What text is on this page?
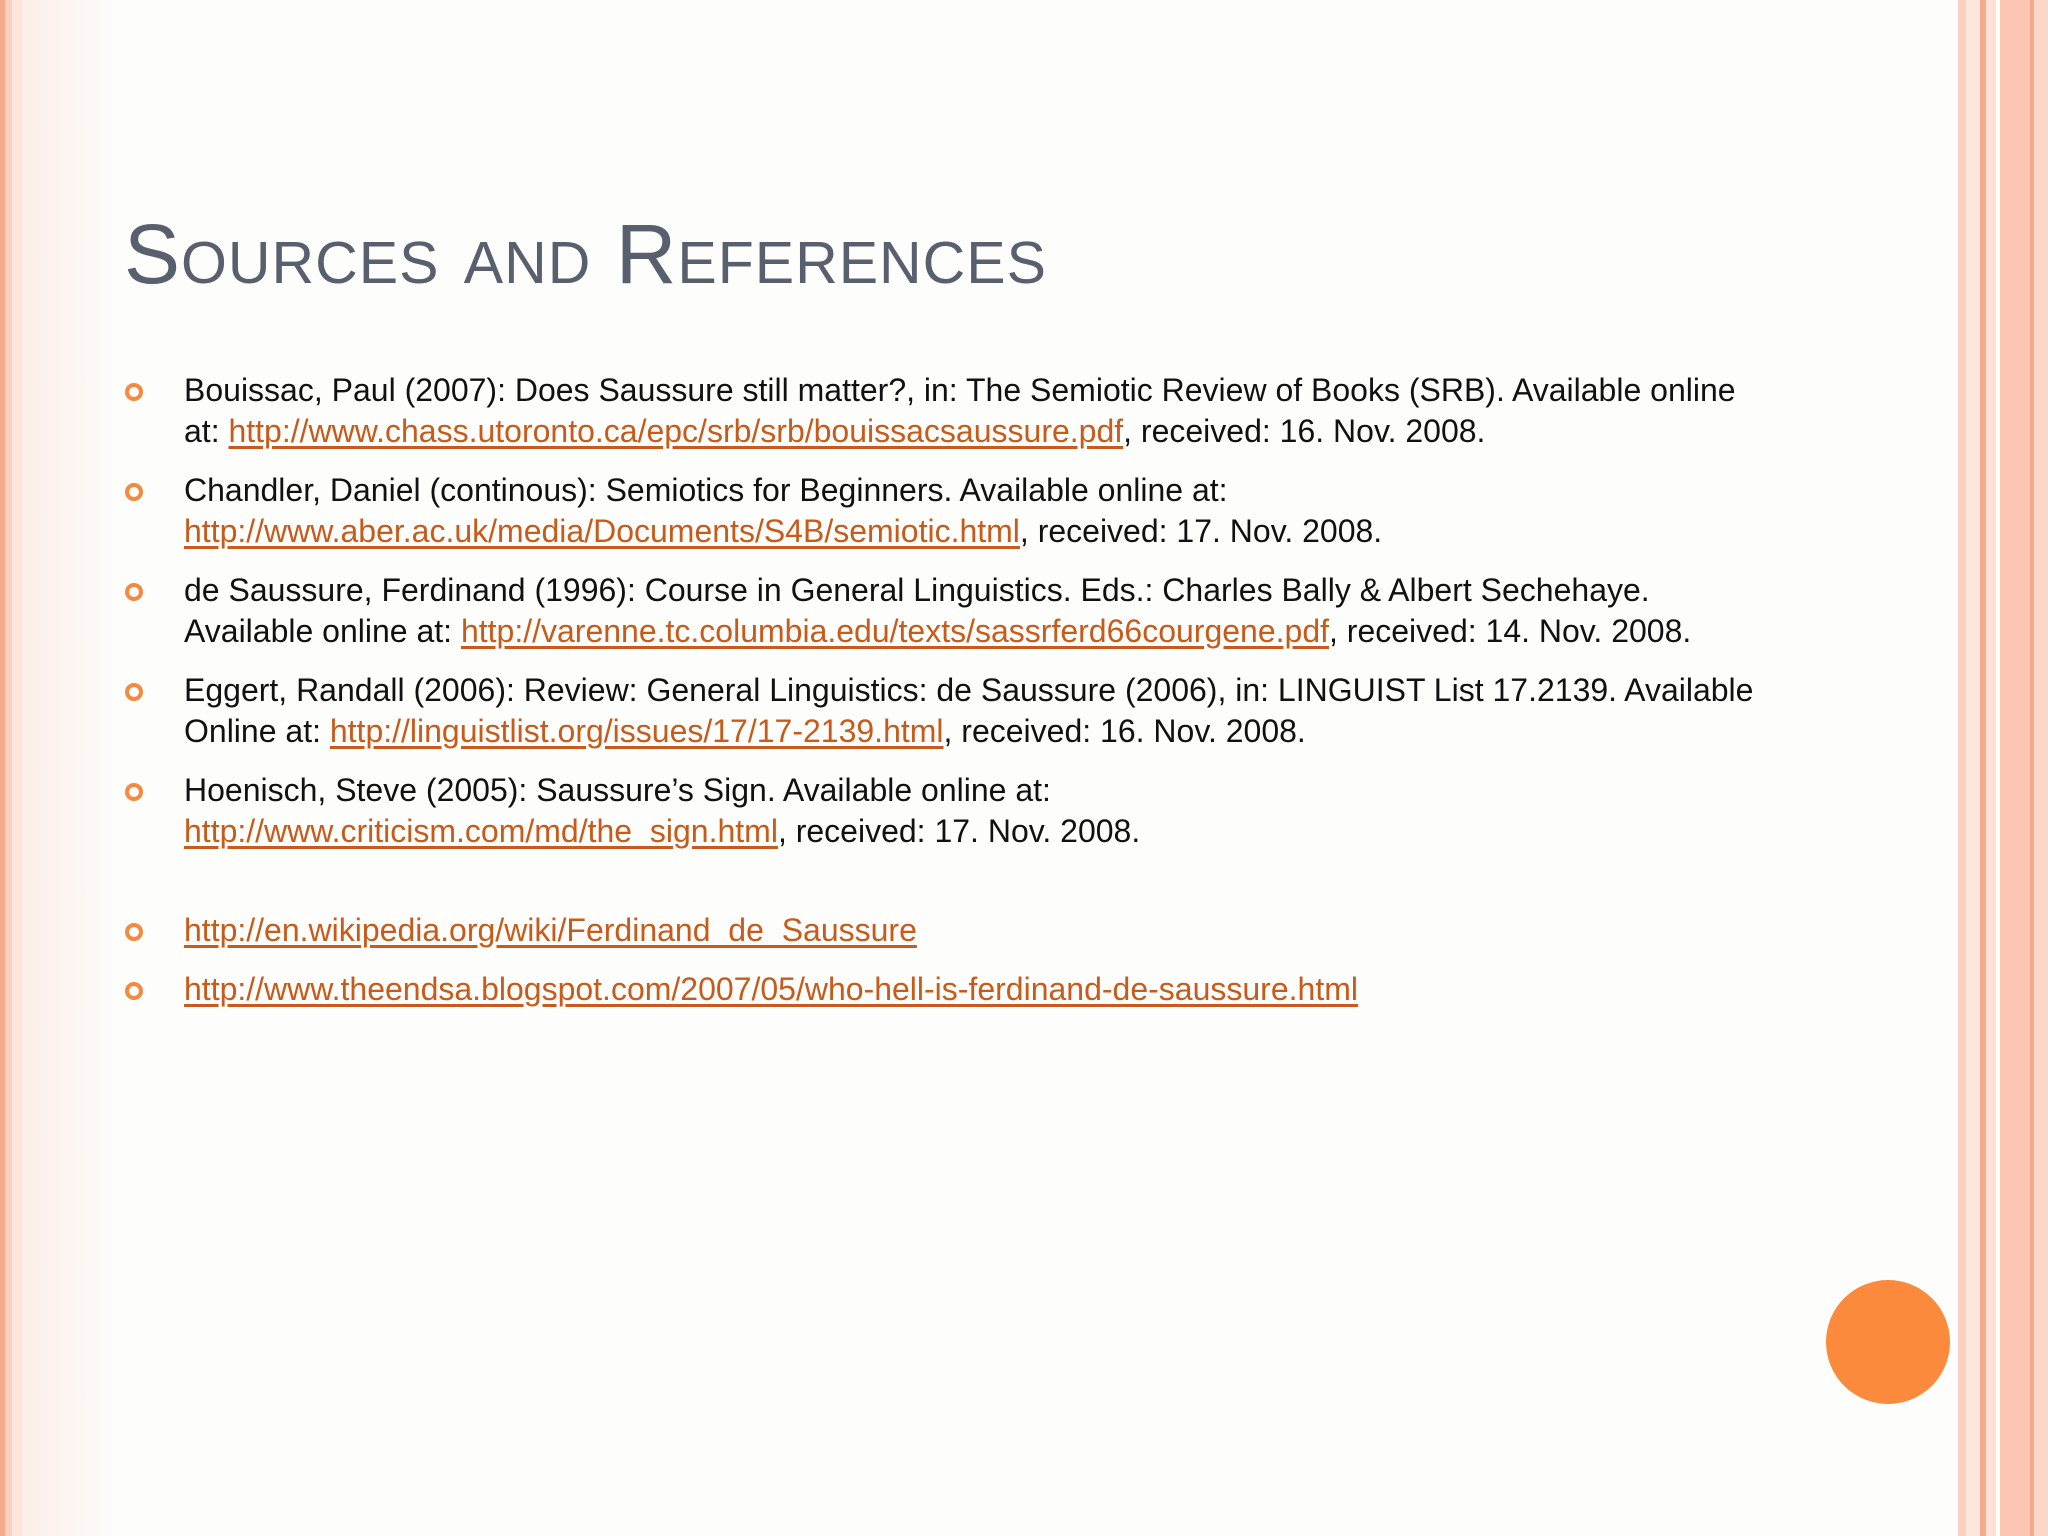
Sources and References
Bouissac, Paul (2007): Does Saussure still matter?, in: The Semiotic Review of Books (SRB). Available online at: http://www.chass.utoronto.ca/epc/srb/srb/bouissacsaussure.pdf, received: 16. Nov. 2008.
Chandler, Daniel (continous): Semiotics for Beginners. Available online at:
http://www.aber.ac.uk/media/Documents/S4B/semiotic.html, received: 17. Nov. 2008.
de Saussure, Ferdinand (1996): Course in General Linguistics. Eds.: Charles Bally & Albert Sechehaye. Available online at: http://varenne.tc.columbia.edu/texts/sassrferd66courgene.pdf, received: 14. Nov. 2008.
Eggert, Randall (2006): Review: General Linguistics: de Saussure (2006), in: LINGUIST List 17.2139. Available Online at: http://linguistlist.org/issues/17/17-2139.html, received: 16. Nov. 2008.
Hoenisch, Steve (2005): Saussure’s Sign. Available online at:
http://www.criticism.com/md/the_sign.html, received: 17. Nov. 2008.
http://en.wikipedia.org/wiki/Ferdinand_de_Saussure
http://www.theendsa.blogspot.com/2007/05/who-hell-is-ferdinand-de-saussure.html
